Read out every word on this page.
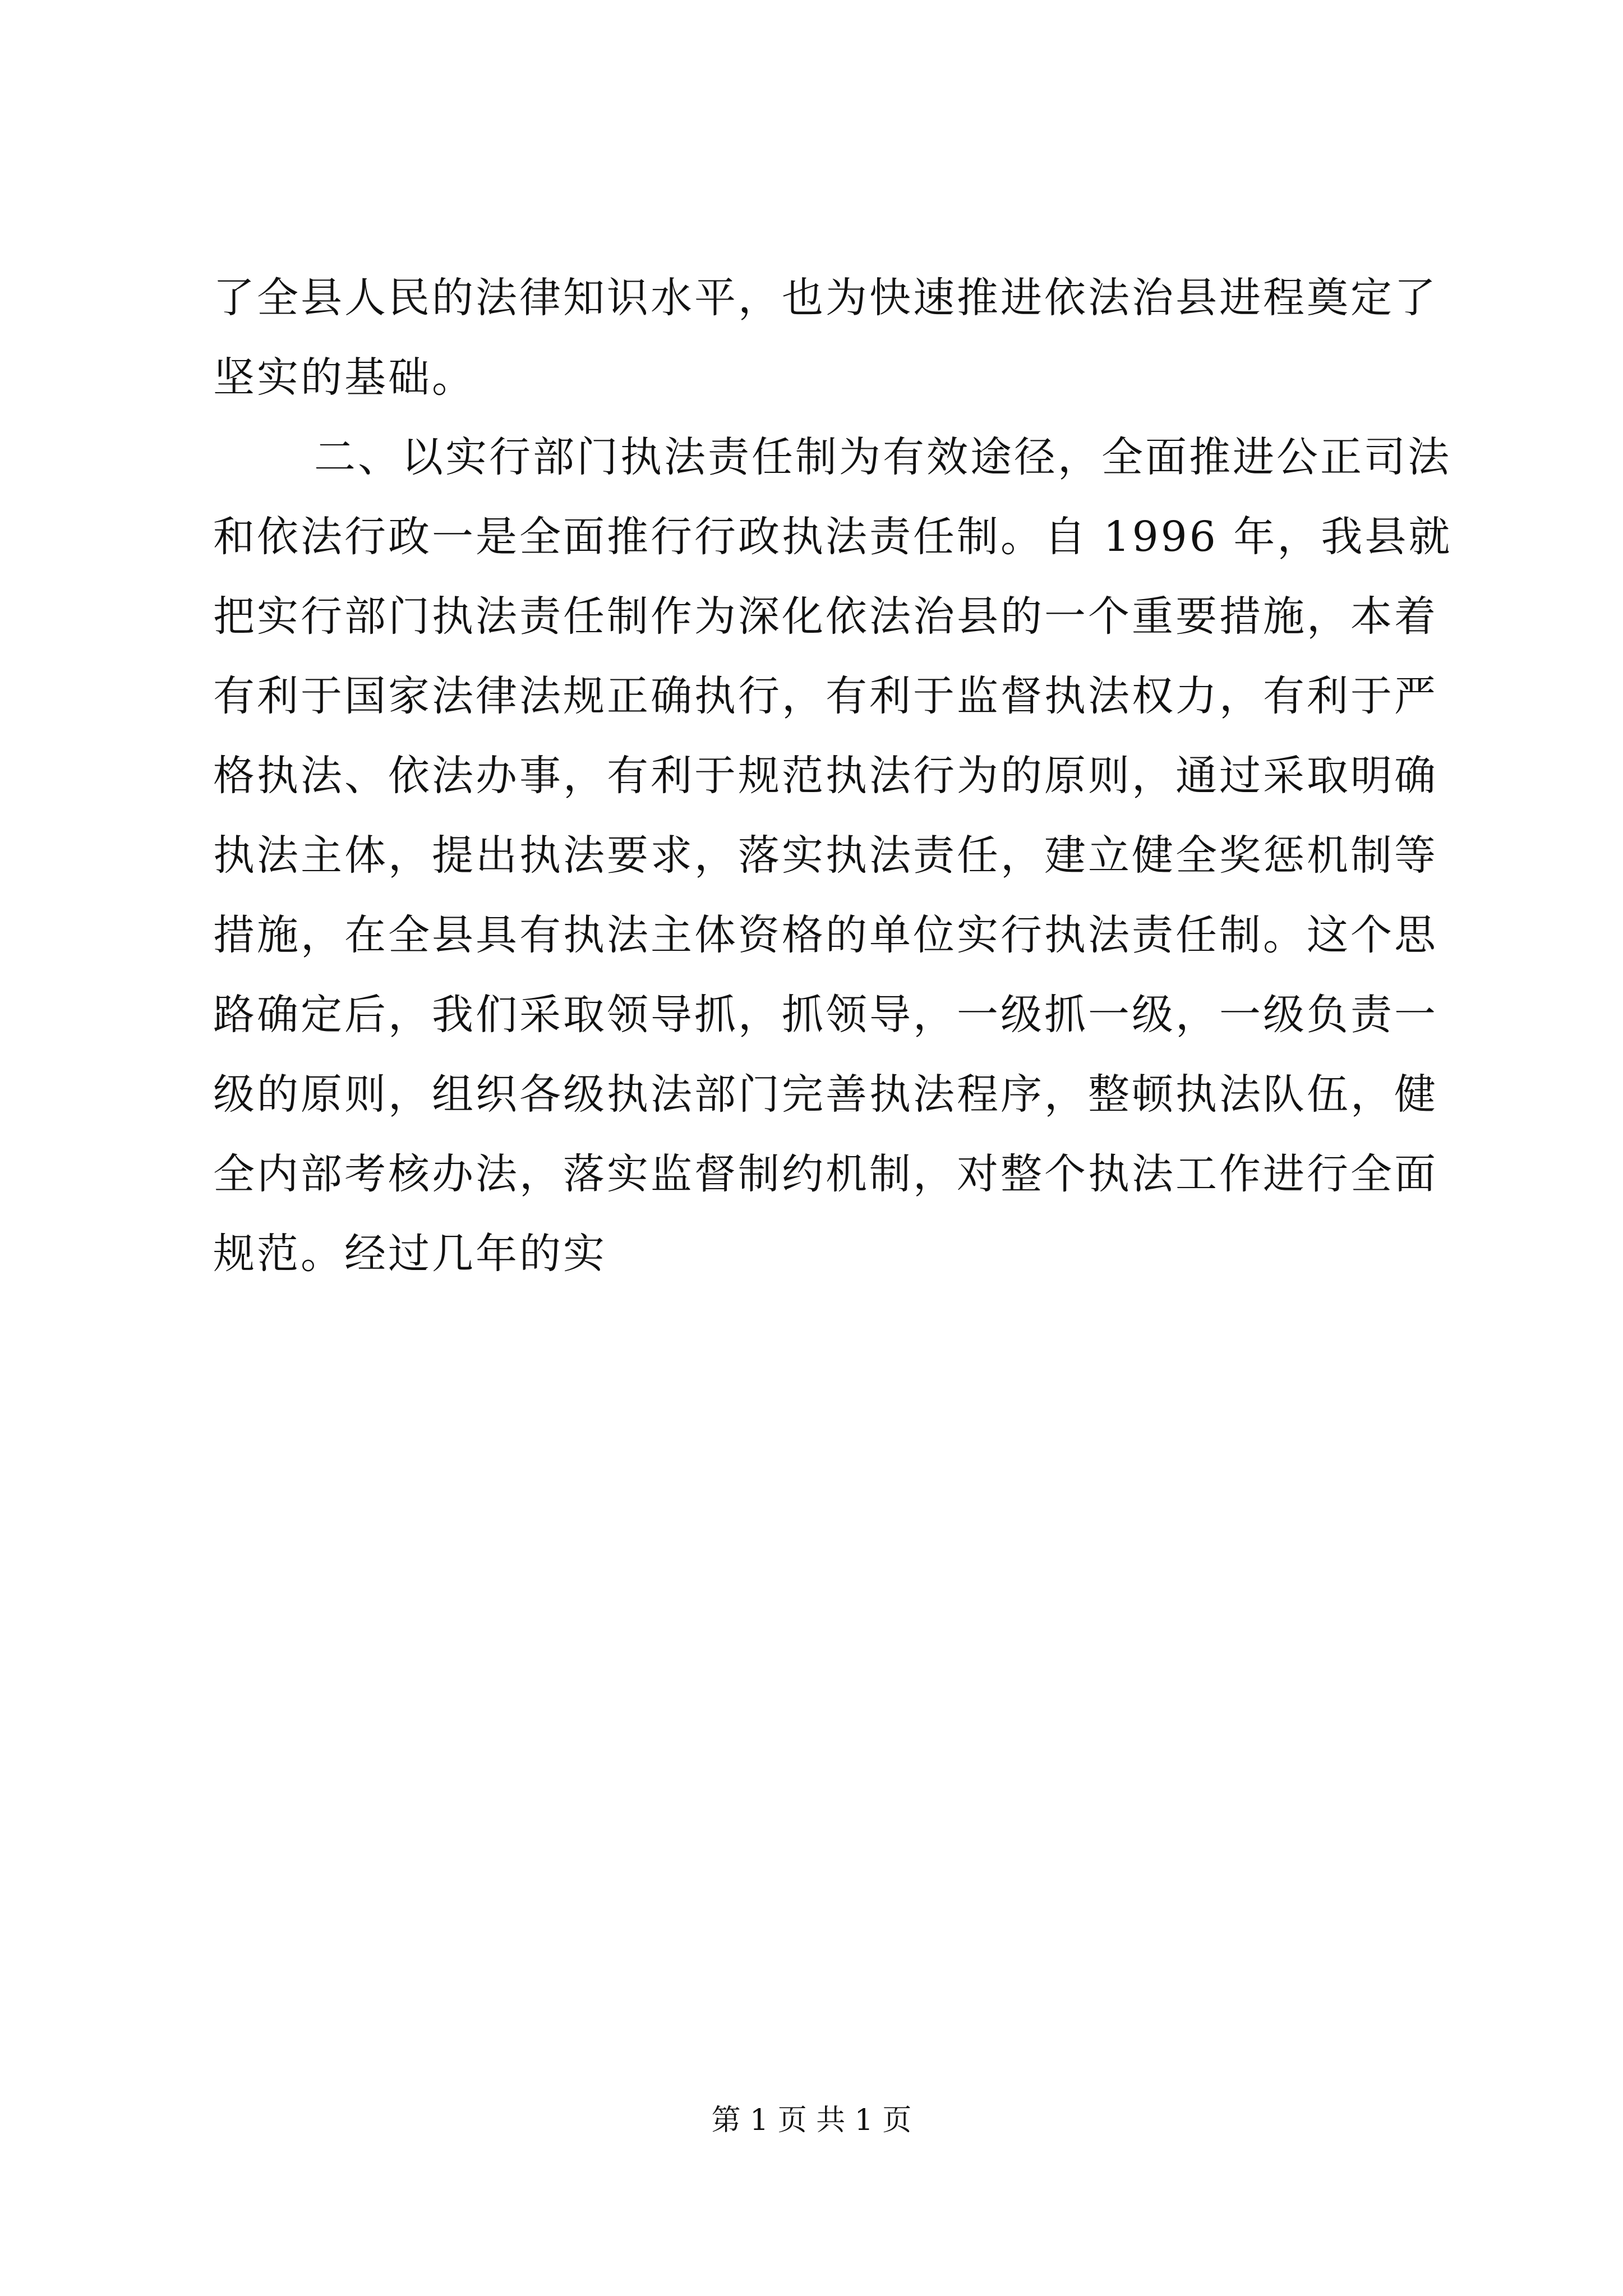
了全县人民的法律知识水平，也为快速推进依法治县进程奠定了
坚实的基础。
二、以实行部门执法责任制为有效途径，全面推进公正司法
和依法行政一是全面推行行政执法责任制。自 1996 年，我县就
把实行部门执法责任制作为深化依法治县的一个重要措施，本着
有利于国家法律法规正确执行，有利于监督执法权力，有利于严
格执法、依法办事，有利于规范执法行为的原则，通过采取明确
执法主体，提出执法要求，落实执法责任，建立健全奖惩机制等
措施，在全县具有执法主体资格的单位实行执法责任制。这个思
路确定后，我们采取领导抓，抓领导，一级抓一级，一级负责一
级的原则，组织各级执法部门完善执法程序，整顿执法队伍，健
全内部考核办法，落实监督制约机制，对整个执法工作进行全面
规范。经过几年的实
第 1 页 共 1 页
